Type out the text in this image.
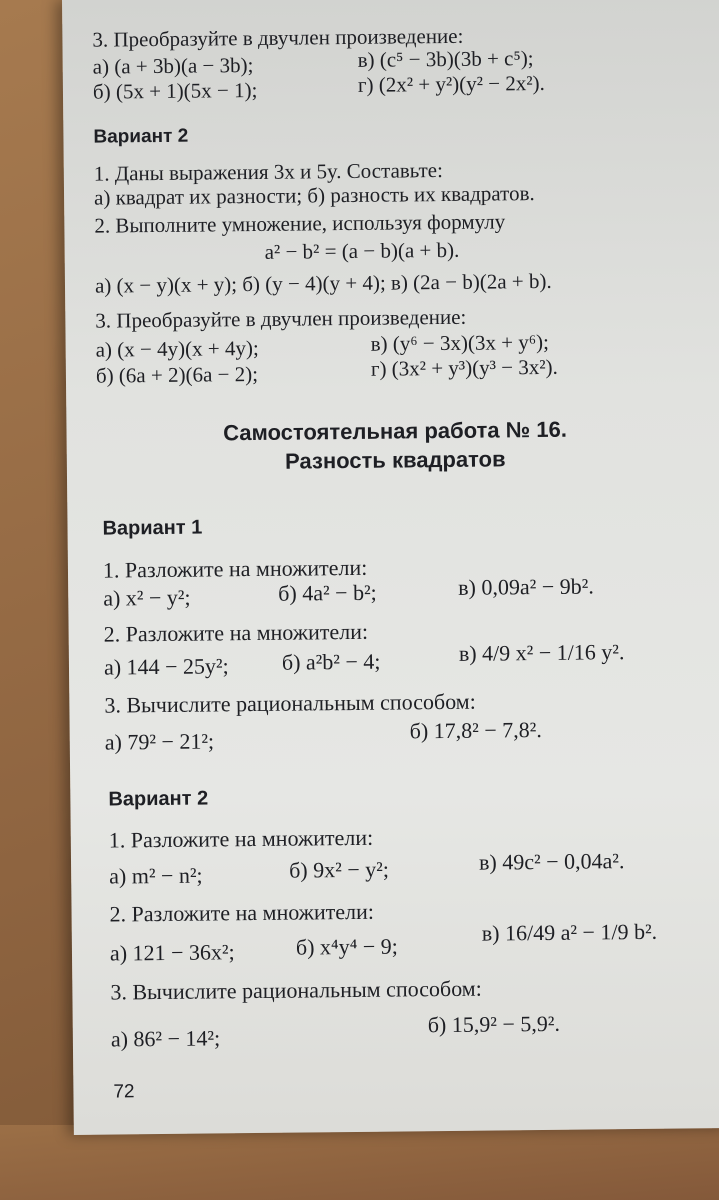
3. Преобразуйте в двучлен произведение:
а) (a + 3b)(a − 3b);	в) (c⁵ − 3b)(3b + c⁵);
б) (5x + 1)(5x − 1);	г) (2x² + y²)(y² − 2x²).
Вариант 2
1. Даны выражения 3x и 5y. Составьте:
а) квадрат их разности; б) разность их квадратов.
2. Выполните умножение, используя формулу
a² − b² = (a − b)(a + b).
а) (x − y)(x + y); б) (y − 4)(y + 4); в) (2a − b)(2a + b).
3. Преобразуйте в двучлен произведение:
а) (x − 4y)(x + 4y);	в) (y⁶ − 3x)(3x + y⁶);
б) (6a + 2)(6a − 2);	г) (3x² + y³)(y³ − 3x²).
Самостоятельная работа № 16.
Разность квадратов
Вариант 1
1. Разложите на множители:
а) x² − y²;	б) 4a² − b²;	в) 0,09a² − 9b².
2. Разложите на множители:
а) 144 − 25y²; б) a²b² − 4;	в) 4/9 x² − 1/16 y².
3. Вычислите рациональным способом:
а) 79² − 21²;	б) 17,8² − 7,8².
Вариант 2
1. Разложите на множители:
а) m² − n²;	б) 9x² − y²;	в) 49c² − 0,04a².
2. Разложите на множители:
а) 121 − 36x²;	б) x⁴y⁴ − 9;
в) 16/49 a² − 1/9 b².
3. Вычислите рациональным способом:
а) 86² − 14²;
б) 15,9² − 5,9².
72
